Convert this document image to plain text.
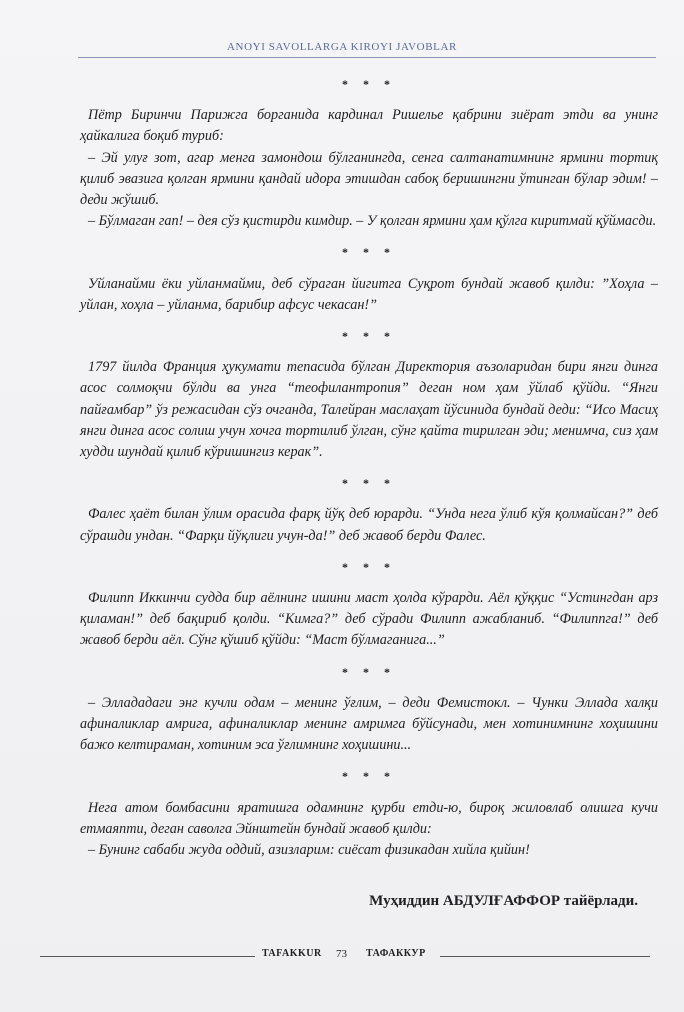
ANOYI SAVOLLARGA KIROYI JAVOBLAR
* * *

Пётр Биринчи Парижга борганида кардинал Ришелье қабрини зиёрат этди ва унинг ҳайкалига боқиб туриб:

– Эй улуғ зот, агар менга замондош бўлганингда, сенга салтанатимнинг ярмини тортиқ қилиб эвазига қолган ярмини қандай идора этишдан сабоқ беришингни ўтинган бўлар эдим! – деди жўшиб.

– Бўлмаган гап! – дея сўз қистирди кимдир. – У қолган ярмини ҳам қўлга киритмай қўймасди.

* * *

Уйланайми ёки уйланмайми, деб сўраган йигитга Суқрот бундай жавоб қилди: ”Хоҳла – уйлан, хоҳла – уйланма, барибир афсус чекасан!”

* * *

1797 йилда Франция ҳукумати тепасида бўлган Директория аъзоларидан бири янги динга асос солмоқчи бўлди ва унга “теофилантропия” деган ном ҳам ўйлаб қўйди. “Янги пайғамбар” ўз режасидан сўз очганда, Талейран маслаҳат йўсинида бундай деди: “Исо Масиҳ янги динга асос солиш учун хочга тортилиб ўлган, сўнг қайта тирилган эди; менимча, сиз ҳам худди шундай қилиб кўришингиз керак”.

* * *

Фалес ҳаёт билан ўлим орасида фарқ йўқ деб юрарди. “Унда нега ўлиб кўя қолмайсан?” деб сўрашди ундан. “Фарқи йўқлиги учун-да!” деб жавоб берди Фалес.

* * *

Филипп Иккинчи судда бир аёлнинг ишини маст ҳолда кўрарди. Аёл қўққис “Устингдан арз қиламан!” деб бақириб қолди. “Кимга?” деб сўради Филипп ажабланиб. “Филиппга!” деб жавоб берди аёл. Сўнг қўшиб қўйди: “Маст бўлмаганига...”

* * *

– Эллададаги энг кучли одам – менинг ўғлим, – деди Фемистокл. – Чунки Эллада халқи афиналиклар амрига, афиналиклар менинг амримга бўйсунади, мен хотинимнинг хоҳишини бажо келтираман, хотиним эса ўғлимнинг хоҳишини...

* * *

Нега атом бомбасини яратишга одамнинг қурби етди-ю, бироқ жиловлаб олишга кучи етмаяпти, деган саволга Эйнштейн бундай жавоб қилди:

– Бунинг сабаби жуда оддий, азизларим: сиёсат физикадан хийла қийин!

Муҳиддин АБДУЛҒАФФОР тайёрлади.
TAFAKKUR 73 ТАФАККУР
